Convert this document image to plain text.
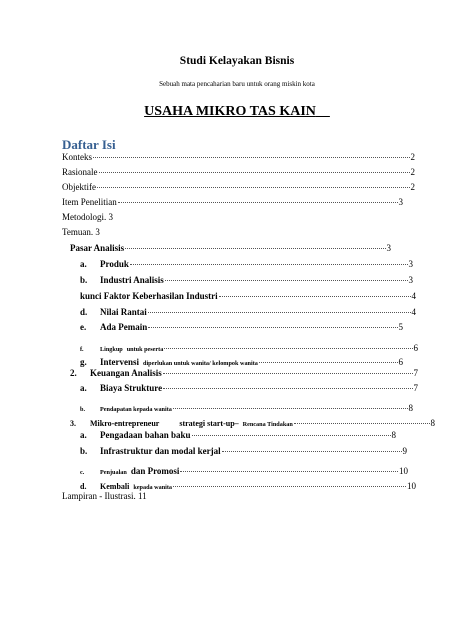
Studi Kelayakan Bisnis
Sebuah mata pencaharian baru untuk orang miskin kota
USAHA MIKRO TAS KAIN
Daftar Isi
Konteks	2
Rasionale	2
Objektife	2
Item Penelitian	3
Metodologi. 3
Temuan. 3
Pasar Analisis	3
a. Produk	3
b. Industri Analisis	3
kunci Faktor Keberhasilan Industri	4
d. Nilai Rantai	4
e. Ada Pemain	5
f.	Lingkup untuk peserta	6
g. Intervensi diperlukan untuk wanita/ kelompok wanita	6
2. Keuangan Analisis	7
a. Biaya Strukture	7
b. Pendapatan kepada wanita	8
3. Mikro-entrepreneur	strategi start-up– Rencana Tindakan	8
a. Pengadaan bahan baku	8
b. Infrastruktur dan modal kerjal	9
c.	Penjualan dan Promosi	10
d. Kembali kepada wanita	10
Lampiran - Ilustrasi. 11
